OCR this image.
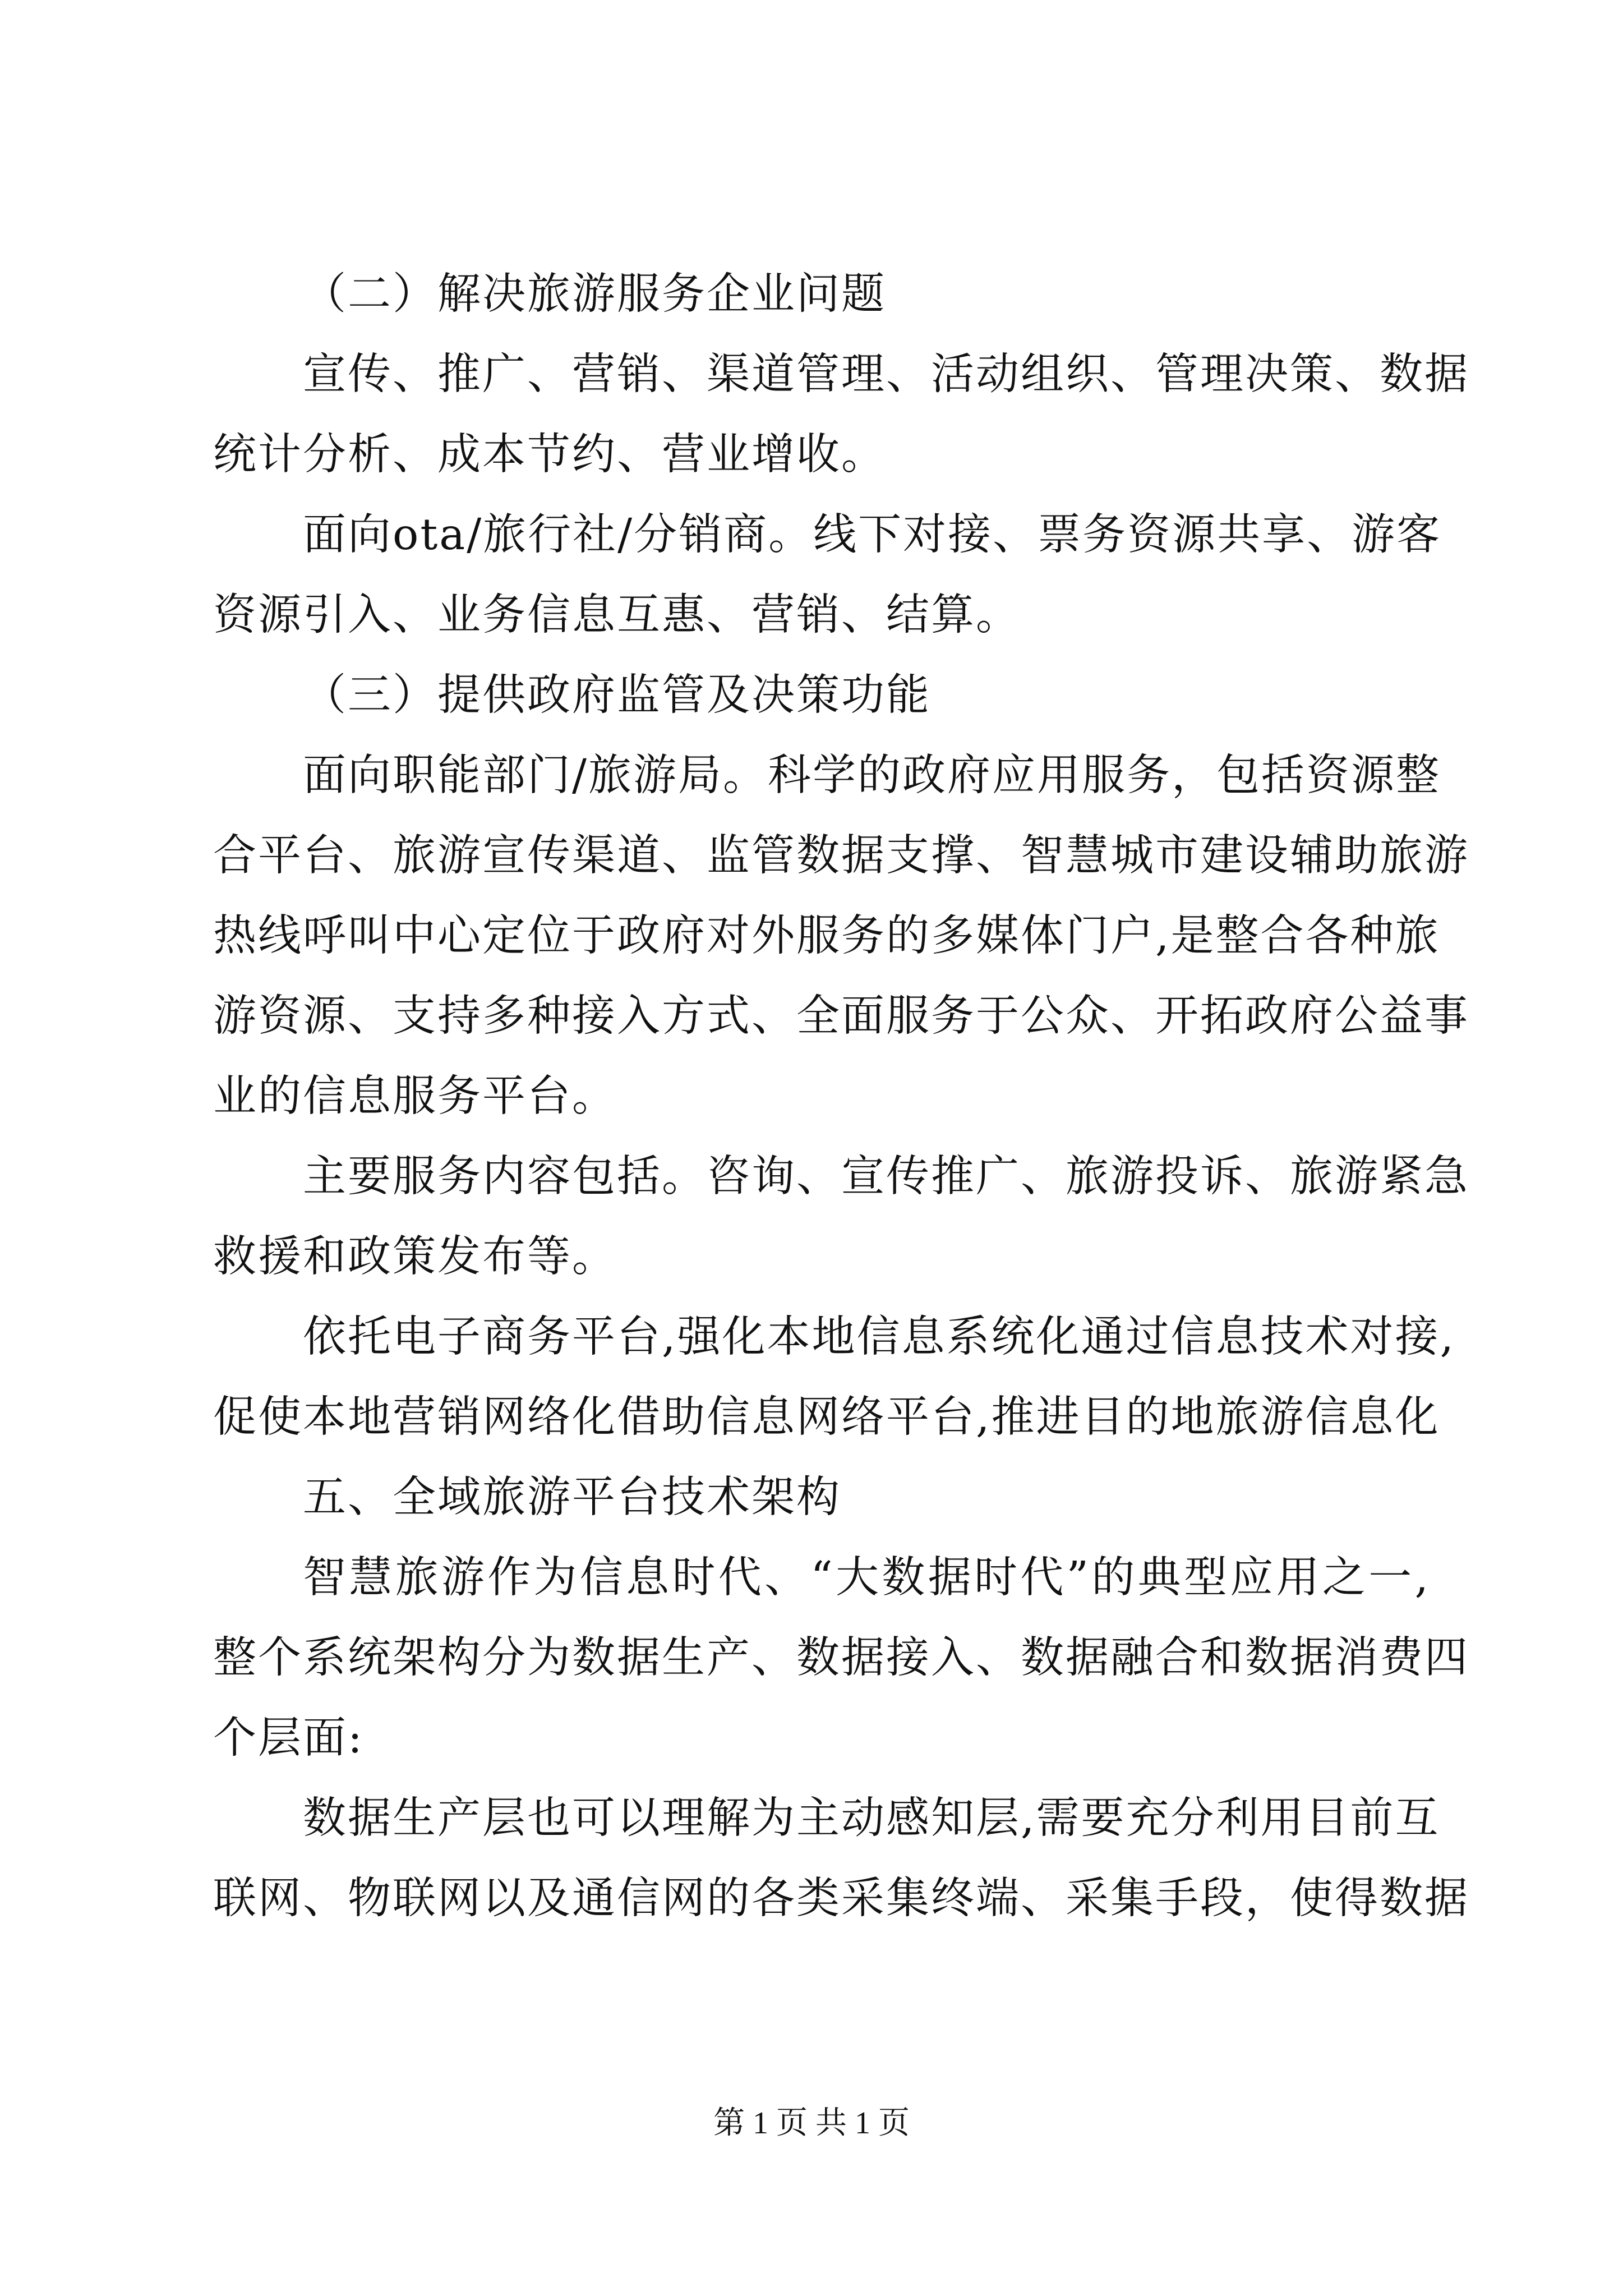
（二）解决旅游服务企业问题
宣传、推广、营销、渠道管理、活动组织、管理决策、数据
统计分析、成本节约、营业增收。
面向ota/旅行社/分销商。线下对接、票务资源共享、游客
资源引入、业务信息互惠、营销、结算。
（三）提供政府监管及决策功能
面向职能部门/旅游局。科学的政府应用服务，包括资源整
合平台、旅游宣传渠道、监管数据支撑、智慧城市建设辅助旅游
热线呼叫中心定位于政府对外服务的多媒体门户,是整合各种旅
游资源、支持多种接入方式、全面服务于公众、开拓政府公益事
业的信息服务平台。
主要服务内容包括。咨询、宣传推广、旅游投诉、旅游紧急
救援和政策发布等。
依托电子商务平台,强化本地信息系统化通过信息技术对接,
促使本地营销网络化借助信息网络平台,推进目的地旅游信息化
五、全域旅游平台技术架构
智慧旅游作为信息时代、“大数据时代”的典型应用之一,
整个系统架构分为数据生产、数据接入、数据融合和数据消费四
个层面:
数据生产层也可以理解为主动感知层,需要充分利用目前互
联网、物联网以及通信网的各类采集终端、采集手段，使得数据
第 1 页 共 1 页
